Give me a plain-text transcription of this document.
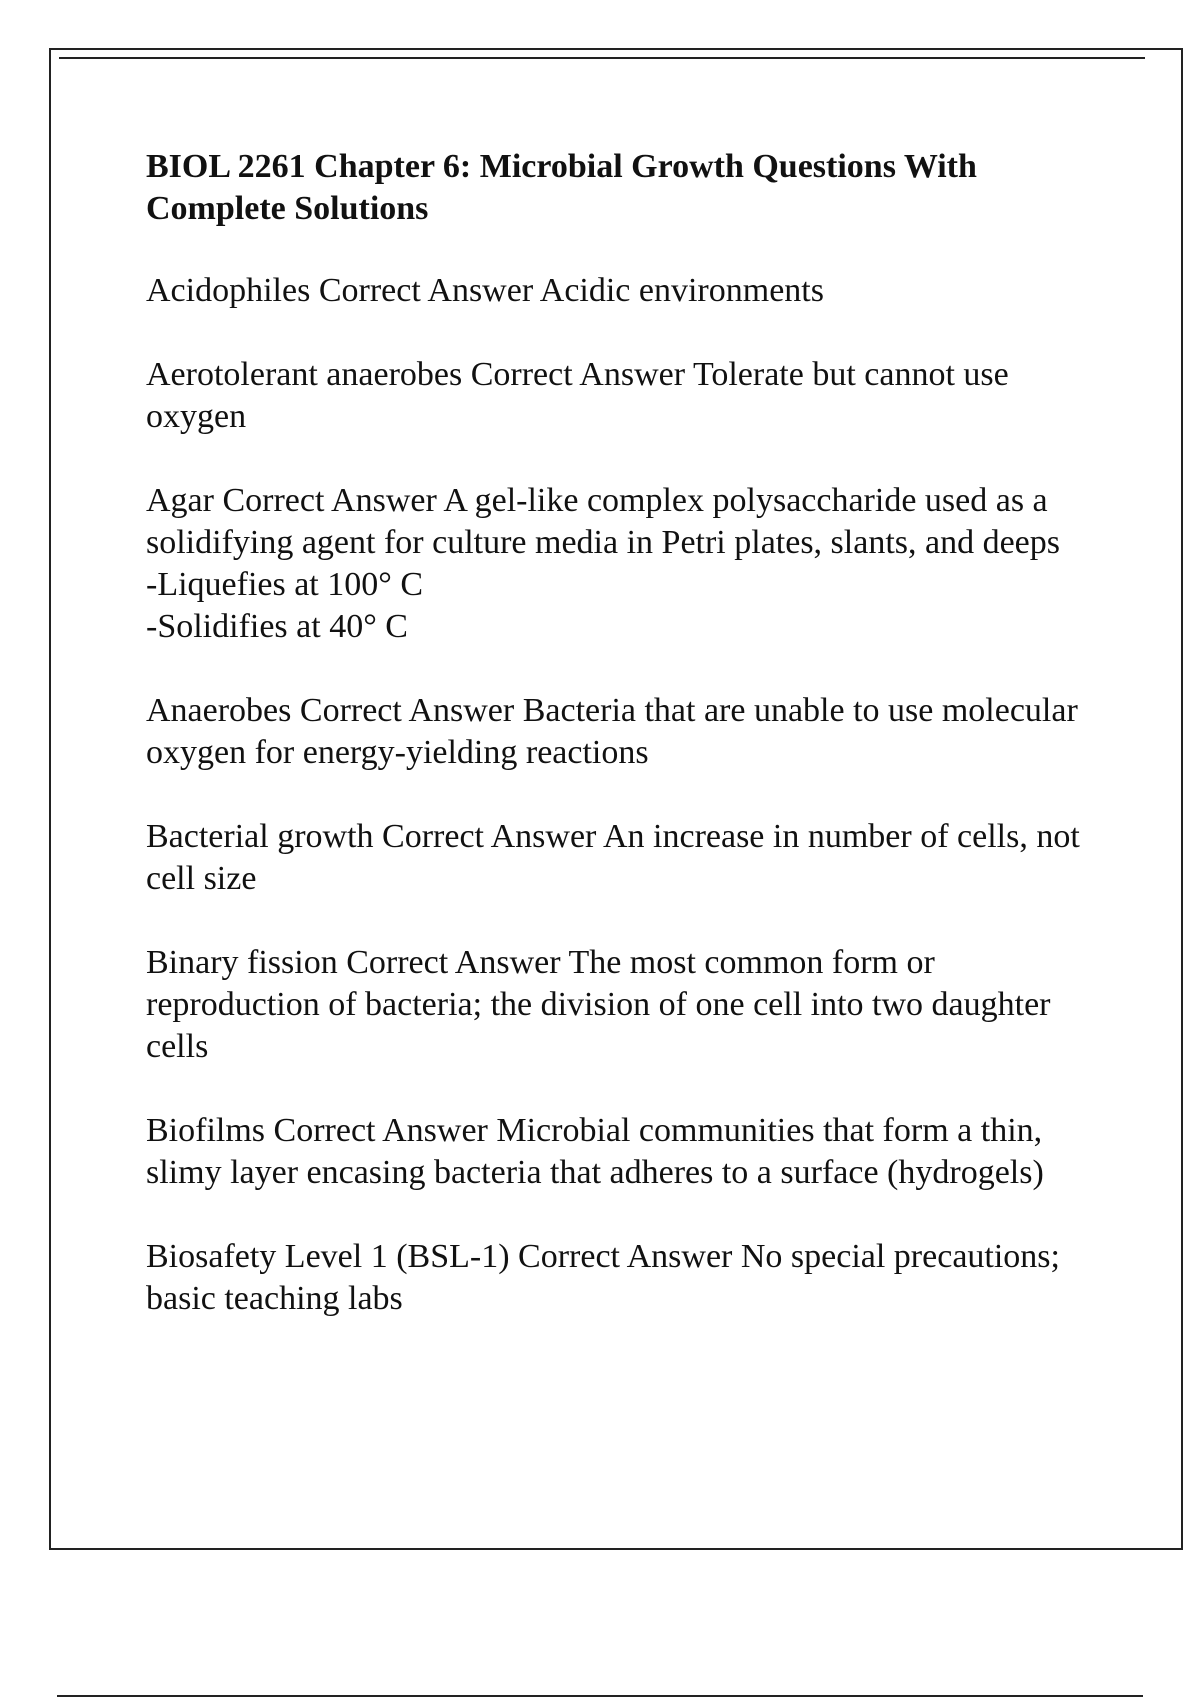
BIOL 2261 Chapter 6: Microbial Growth Questions With Complete Solutions
Acidophiles Correct Answer Acidic environments
Aerotolerant anaerobes Correct Answer Tolerate but cannot use oxygen
Agar Correct Answer A gel-like complex polysaccharide used as a solidifying agent for culture media in Petri plates, slants, and deeps
-Liquefies at 100° C
-Solidifies at 40° C
Anaerobes Correct Answer Bacteria that are unable to use molecular oxygen for energy-yielding reactions
Bacterial growth Correct Answer An increase in number of cells, not cell size
Binary fission Correct Answer The most common form or reproduction of bacteria; the division of one cell into two daughter cells
Biofilms Correct Answer Microbial communities that form a thin, slimy layer encasing bacteria that adheres to a surface (hydrogels)
Biosafety Level 1 (BSL-1) Correct Answer No special precautions; basic teaching labs
